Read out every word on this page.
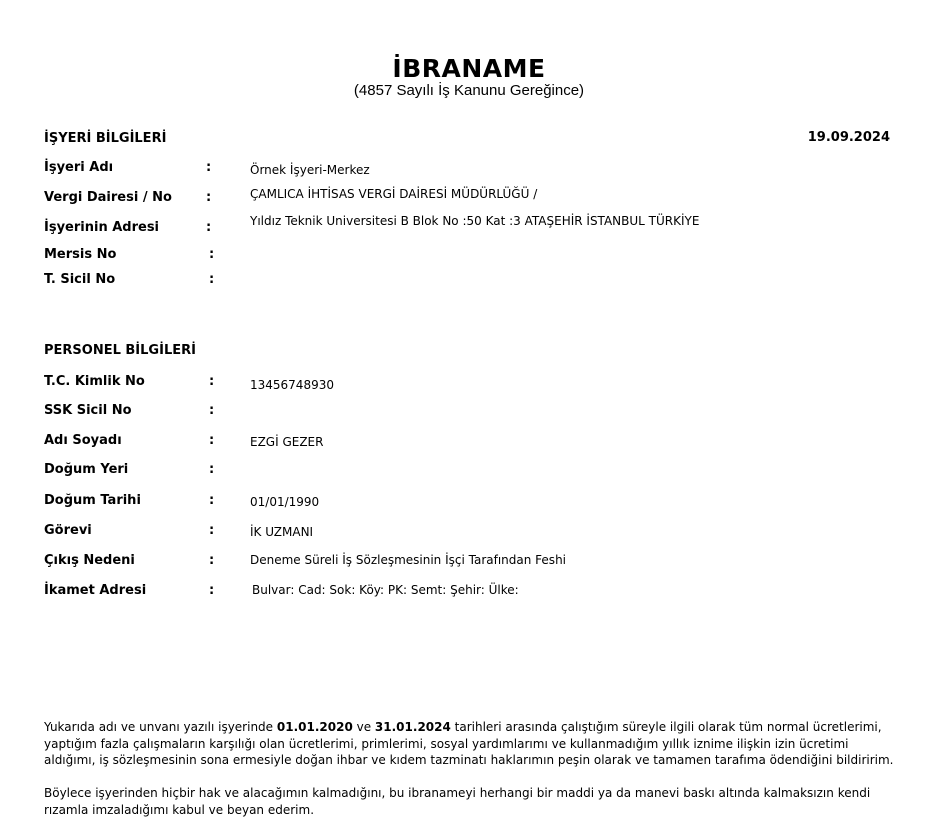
İBRANAME
(4857 Sayılı İş Kanunu Gereğince)
İŞYERİ BİLGİLERİ	19.09.2024
İşyeri Adı	:	Örnek İşyeri-Merkez
Vergi Dairesi / No	:	ÇAMLICA İHTİSAS VERGİ DAİRESİ MÜDÜRLÜĞÜ /
İşyerinin Adresi	:	Yıldız Teknik Universitesi B Blok No :50 Kat :3 ATAŞEHİR İSTANBUL TÜRKİYE
Mersis No	:
T. Sicil No	:
PERSONEL BİLGİLERİ
T.C. Kimlik No	:	13456748930
SSK Sicil No	:
Adı Soyadı	:	EZGİ GEZER
Doğum Yeri	:
Doğum Tarihi	:	01/01/1990
Görevi	:	İK UZMANI
Çıkış Nedeni	:	Deneme Süreli İş Sözleşmesinin İşçi Tarafından Feshi
İkamet Adresi	:	Bulvar: Cad: Sok: Köy: PK: Semt: Şehir: Ülke:
Yukarıda adı ve unvanı yazılı işyerinde 01.01.2020 ve 31.01.2024 tarihleri arasında çalıştığım süreyle ilgili olarak tüm normal ücretlerimi, yaptığım fazla çalışmaların karşılığı olan ücretlerimi, primlerimi, sosyal yardımlarımı ve kullanmadığım yıllık iznime ilişkin izin ücretimi aldığımı, iş sözleşmesinin sona ermesiyle doğan ihbar ve kıdem tazminatı haklarımın peşin olarak ve tamamen tarafıma ödendiğini bildiririm.
Böylece işyerinden hiçbir hak ve alacağımın kalmadığını, bu ibranameyi herhangi bir maddi ya da manevi baskı altında kalmaksızın kendi rızamla imzaladığımı kabul ve beyan ederim.
